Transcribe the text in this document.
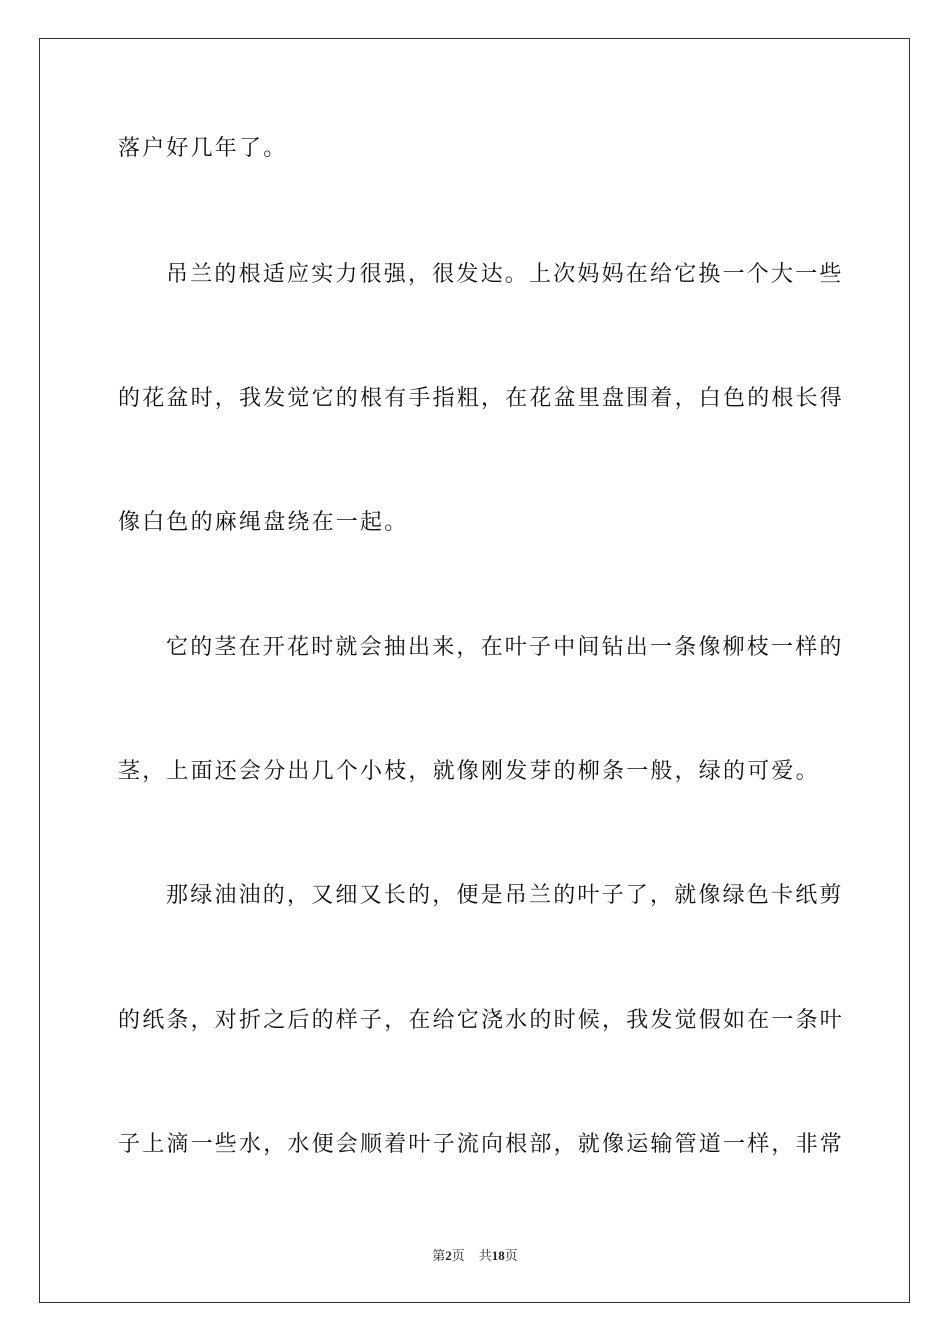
落户好几年了。
吊兰的根适应实力很强，很发达。上次妈妈在给它换一个大一些
的花盆时，我发觉它的根有手指粗，在花盆里盘围着，白色的根长得
像白色的麻绳盘绕在一起。
它的茎在开花时就会抽出来，在叶子中间钻出一条像柳枝一样的
茎，上面还会分出几个小枝，就像刚发芽的柳条一般，绿的可爱。
那绿油油的，又细又长的，便是吊兰的叶子了，就像绿色卡纸剪
的纸条，对折之后的样子，在给它浇水的时候，我发觉假如在一条叶
子上滴一些水，水便会顺着叶子流向根部，就像运输管道一样，非常
第2页 共18页
